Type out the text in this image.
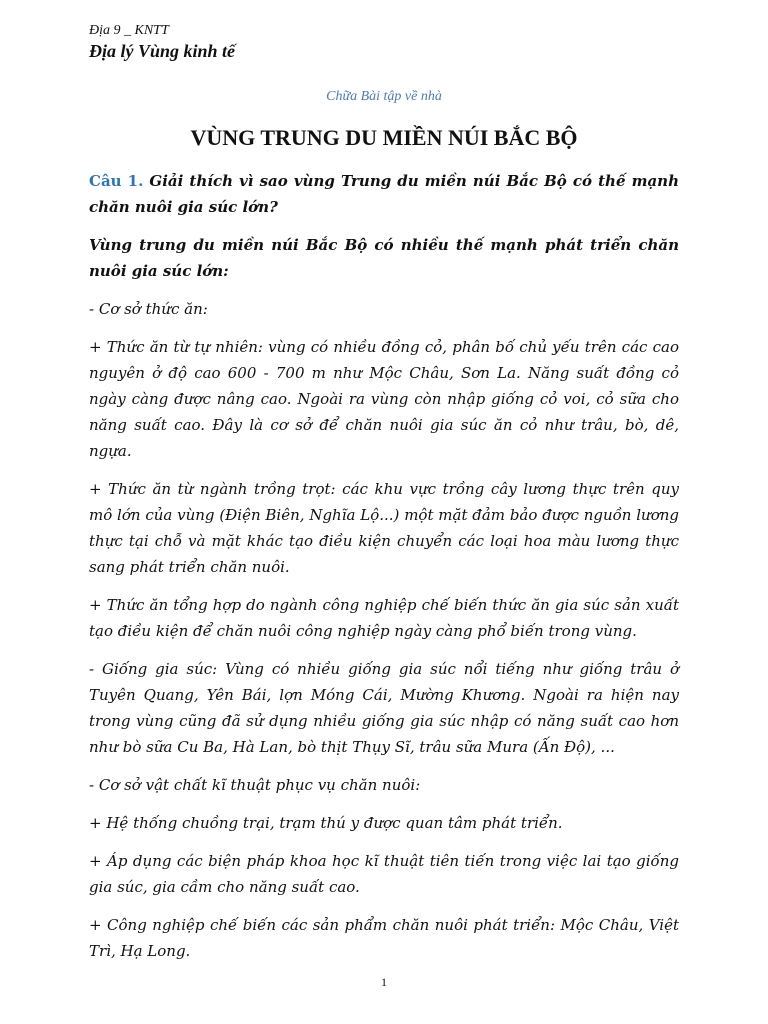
Địa 9 _ KNTT

Địa lý Vùng kinh tế

Chữa Bài tập về nhà

VÙNG TRUNG DU MIỀN NÚI BẮC BỘ

Câu 1. Giải thích vì sao vùng Trung du miền núi Bắc Bộ có thế mạnh chăn nuôi gia súc lớn?

Vùng trung du miền núi Bắc Bộ có nhiều thế mạnh phát triển chăn nuôi gia súc lớn:

- Cơ sở thức ăn:

+ Thức ăn từ tự nhiên: vùng có nhiều đồng cỏ, phân bố chủ yếu trên các cao nguyên ở độ cao 600 - 700 m như Mộc Châu, Sơn La. Năng suất đồng cỏ ngày càng được nâng cao. Ngoài ra vùng còn nhập giống cỏ voi, cỏ sữa cho năng suất cao. Đây là cơ sở để chăn nuôi gia súc ăn cỏ như trâu, bò, dê, ngựa.

+ Thức ăn từ ngành trồng trọt: các khu vực trồng cây lương thực trên quy mô lớn của vùng (Điện Biên, Nghĩa Lộ...) một mặt đảm bảo được nguồn lương thực tại chỗ và mặt khác tạo điều kiện chuyển các loại hoa màu lương thực sang phát triển chăn nuôi.

+ Thức ăn tổng hợp do ngành công nghiệp chế biến thức ăn gia súc sản xuất tạo điều kiện để chăn nuôi công nghiệp ngày càng phổ biến trong vùng.

- Giống gia súc: Vùng có nhiều giống gia súc nổi tiếng như giống trâu ở Tuyên Quang, Yên Bái, lợn Móng Cái, Mường Khương. Ngoài ra hiện nay trong vùng cũng đã sử dụng nhiều giống gia súc nhập có năng suất cao hơn như bò sữa Cu Ba, Hà Lan, bò thịt Thụy Sĩ, trâu sữa Mura (Ấn Độ), ...

- Cơ sở vật chất kĩ thuật phục vụ chăn nuôi:

+ Hệ thống chuồng trại, trạm thú y được quan tâm phát triển.

+ Áp dụng các biện pháp khoa học kĩ thuật tiên tiến trong việc lai tạo giống gia súc, gia cầm cho năng suất cao.

+ Công nghiệp chế biến các sản phẩm chăn nuôi phát triển: Mộc Châu, Việt Trì, Hạ Long.

1
